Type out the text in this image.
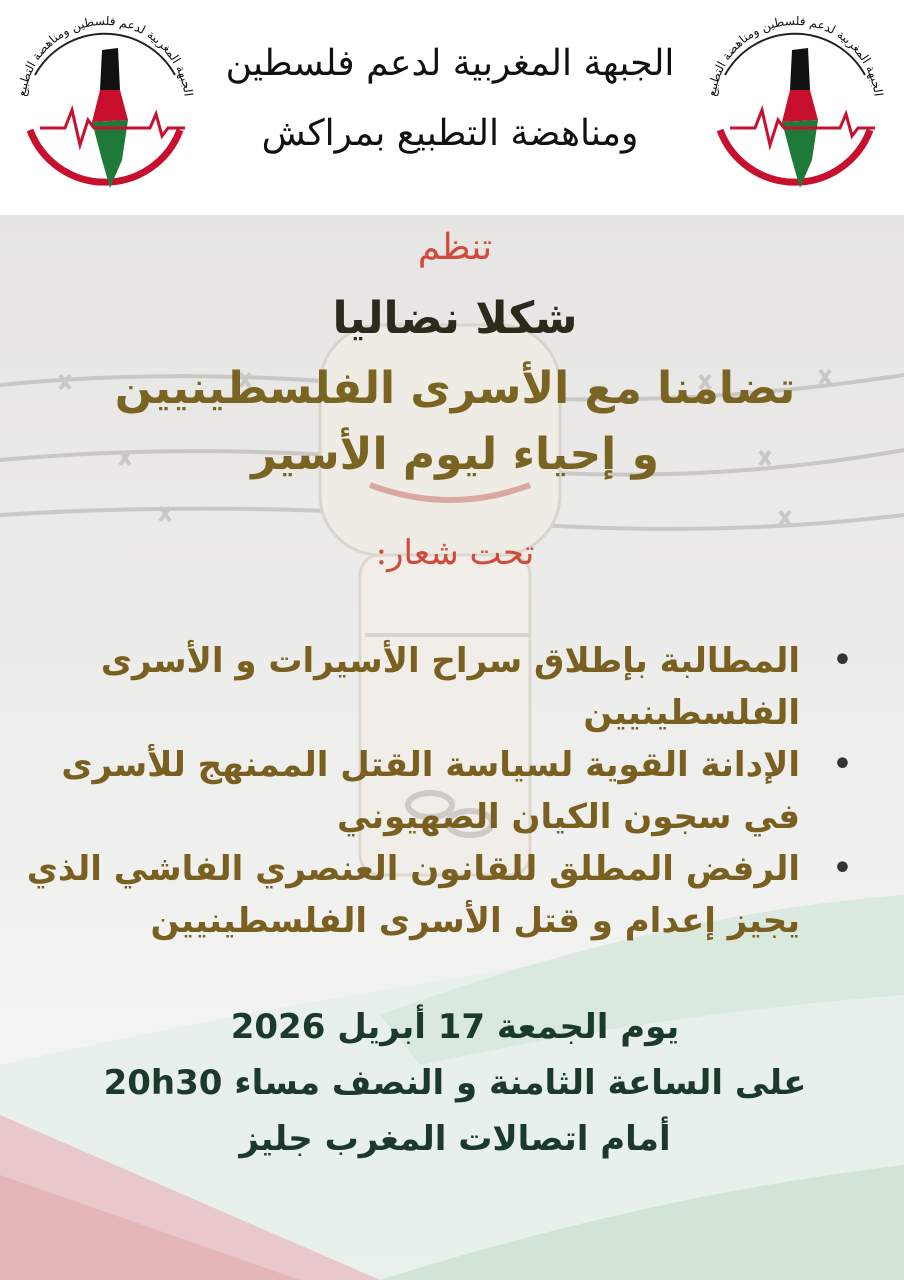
الجبهة المغربية لدعم فلسطين ومناهضة التطبيع
الجبهة المغربية لدعم فلسطين
ومناهضة التطبيع بمراكش
الجبهة المغربية لدعم فلسطين ومناهضة التطبيع
تنظم
شكلا نضاليا
تضامنا مع الأسرى الفلسطينيين
و إحياء ليوم الأسير
تحت شعار:
•
المطالبة بإطلاق سراح الأسيرات و الأسرى الفلسطينيين
•
الإدانة القوية لسياسة القتل الممنهج للأسرى في سجون الكيان الصهيوني
•
الرفض المطلق للقانون العنصري الفاشي الذي يجيز إعدام و قتل الأسرى الفلسطينيين
يوم الجمعة 17 أبريل 2026
على الساعة الثامنة و النصف مساء 20h30
أمام اتصالات المغرب جليز
